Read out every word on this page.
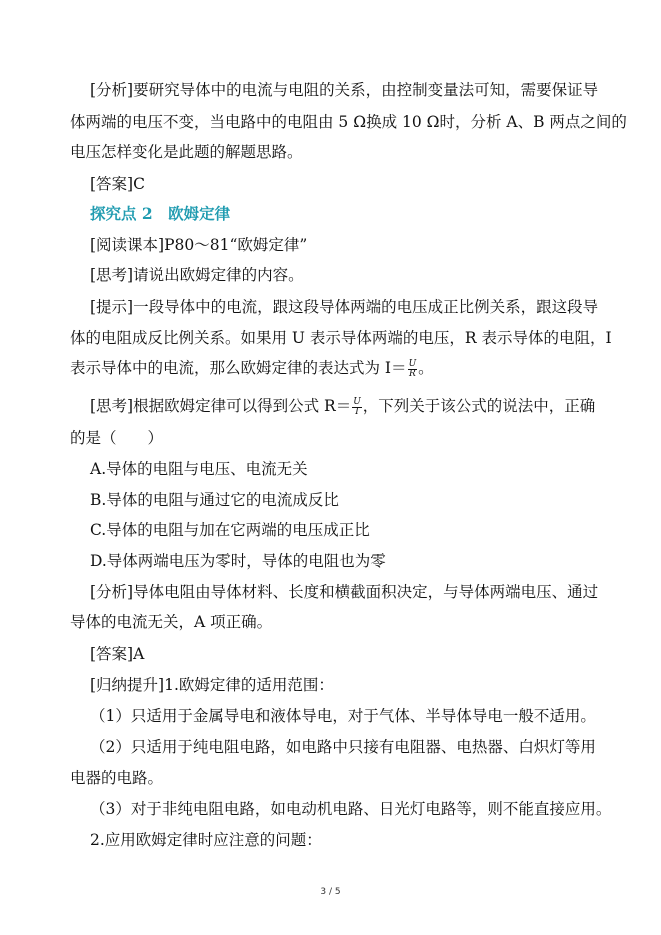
[分析]要研究导体中的电流与电阻的关系，由控制变量法可知，需要保证导
体两端的电压不变，当电路中的电阻由 5 Ω换成 10 Ω时，分析 A、B 两点之间的
电压怎样变化是此题的解题思路。
[答案]C
探究点 2　欧姆定律
[阅读课本]P80～81“欧姆定律”
[思考]请说出欧姆定律的内容。
[提示]一段导体中的电流，跟这段导体两端的电压成正比例关系，跟这段导
体的电阻成反比例关系。如果用 U 表示导体两端的电压，R 表示导体的电阻，I
表示导体中的电流，那么欧姆定律的表达式为 $I= \frac{U}{R}$ 。
[思考]根据欧姆定律可以得到公式 $R= \frac{U}{I}$ ，下列关于该公式的说法中，正确
的是（　　）
A.导体的电阻与电压、电流无关
B.导体的电阻与通过它的电流成反比
C.导体的电阻与加在它两端的电压成正比
D.导体两端电压为零时，导体的电阻也为零
[分析]导体电阻由导体材料、长度和横截面积决定，与导体两端电压、通过
导体的电流无关，A 项正确。
[答案]A
[归纳提升]1.欧姆定律的适用范围：
（1）只适用于金属导电和液体导电，对于气体、半导体导电一般不适用。
（2）只适用于纯电阻电路，如电路中只接有电阻器、电热器、白炽灯等用
电器的电路。
（3）对于非纯电阻电路，如电动机电路、日光灯电路等，则不能直接应用。
2.应用欧姆定律时应注意的问题：
3 / 5
